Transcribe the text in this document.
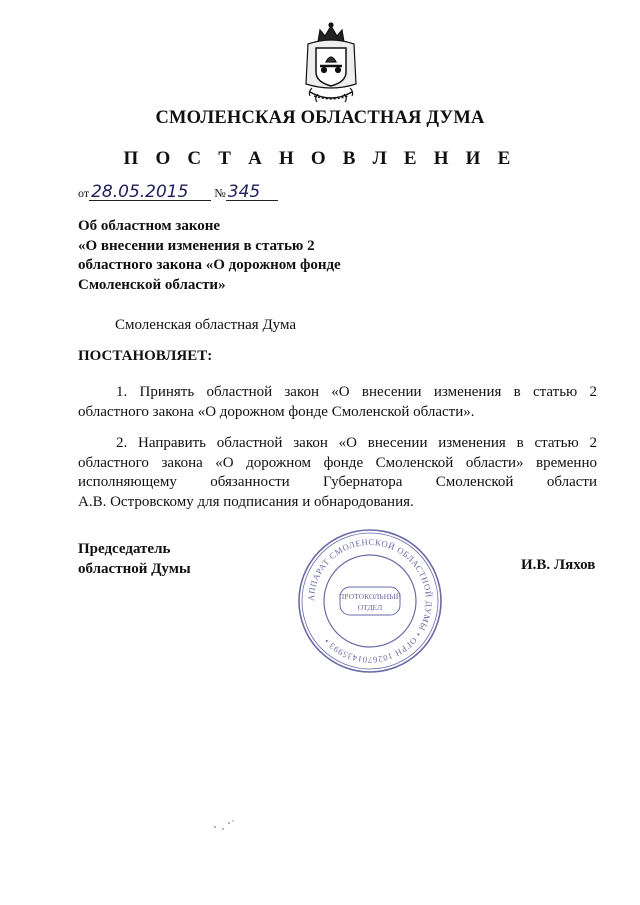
СМОЛЕНСКАЯ ОБЛАСТНАЯ ДУМА
П О С Т А Н О В Л Е Н И Е
от 28.05.2015 № 345
Об областном законе
«О внесении изменения в статью 2
областного закона «О дорожном фонде
Смоленской области»
Смоленская областная Дума
ПОСТАНОВЛЯЕТ:
1. Принять областной закон «О внесении изменения в статью 2
областного закона «О дорожном фонде Смоленской области».
2. Направить областной закон «О внесении изменения в статью 2
областного закона «О дорожном фонде Смоленской области» временно
исполняющему обязанности Губернатора Смоленской области
А.В. Островскому для подписания и обнародования.
Председатель
областной Думы	И.В. Ляхов
АППАРАТ СМОЛЕНСКОЙ ОБЛАСТНОЙ ДУМЫ • ОГРН 1026701435993 •
ПРОТОКОЛЬНЫЙ
ОТДЕЛ
